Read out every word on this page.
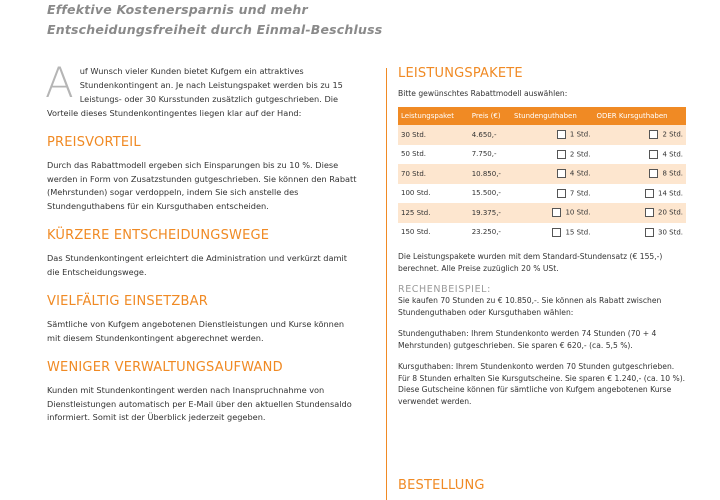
Effektive Kostenersparnis und mehr
Entscheidungsfreiheit durch Einmal-Beschluss
A uf Wunsch vieler Kunden bietet Kufgem ein attraktives Stundenkontingent an. Je nach Leistungspaket werden bis zu 15 Leistungs- oder 30 Kursstunden zusätzlich gutgeschrieben. Die Vorteile dieses Stundenkontingentes liegen klar auf der Hand:
PREISVORTEIL
Durch das Rabattmodell ergeben sich Einsparungen bis zu 10 %. Diese werden in Form von Zusatzstunden gutgeschrieben. Sie können den Rabatt (Mehrstunden) sogar verdoppeln, indem Sie sich anstelle des Stundenguthabens für ein Kursguthaben entscheiden.
KÜRZERE ENTSCHEIDUNGSWEGE
Das Stundenkontingent erleichtert die Administration und verkürzt damit die Entscheidungswege.
VIELFÄLTIG EINSETZBAR
Sämtliche von Kufgem angebotenen Dienstleistungen und Kurse können mit diesem Stundenkontingent abgerechnet werden.
WENIGER VERWALTUNGSAUFWAND
Kunden mit Stundenkontingent werden nach Inanspruchnahme von Dienstleistungen automatisch per E-Mail über den aktuellen Stundensaldo informiert. Somit ist der Überblick jederzeit gegeben.
LEISTUNGSPAKETE
Bitte gewünschtes Rabattmodell auswählen:
Leistungspaket	Preis (€)	Stundenguthaben	ODER Kursguthaben
30 Std.	4.650,-	1 Std.	2 Std.
50 Std.	7.750,-	2 Std.	4 Std.
70 Std.	10.850,-	4 Std.	8 Std.
100 Std.	15.500,-	7 Std.	14 Std.
125 Std.	19.375,-	10 Std.	20 Std.
150 Std.	23.250,-	15 Std.	30 Std.
Die Leistungspakete wurden mit dem Standard-Stundensatz (€ 155,-) berechnet. Alle Preise zuzüglich 20 % USt.
RECHENBEISPIEL:
Sie kaufen 70 Stunden zu € 10.850,-. Sie können als Rabatt zwischen Stundenguthaben oder Kursguthaben wählen:
Stundenguthaben: Ihrem Stundenkonto werden 74 Stunden (70 + 4 Mehrstunden) gutgeschrieben. Sie sparen € 620,- (ca. 5,5 %).
Kursguthaben: Ihrem Stundenkonto werden 70 Stunden gutgeschrieben. Für 8 Stunden erhalten Sie Kursgutscheine. Sie sparen € 1.240,- (ca. 10 %). Diese Gutscheine können für sämtliche von Kufgem angebotenen Kurse verwendet werden.
BESTELLUNG
